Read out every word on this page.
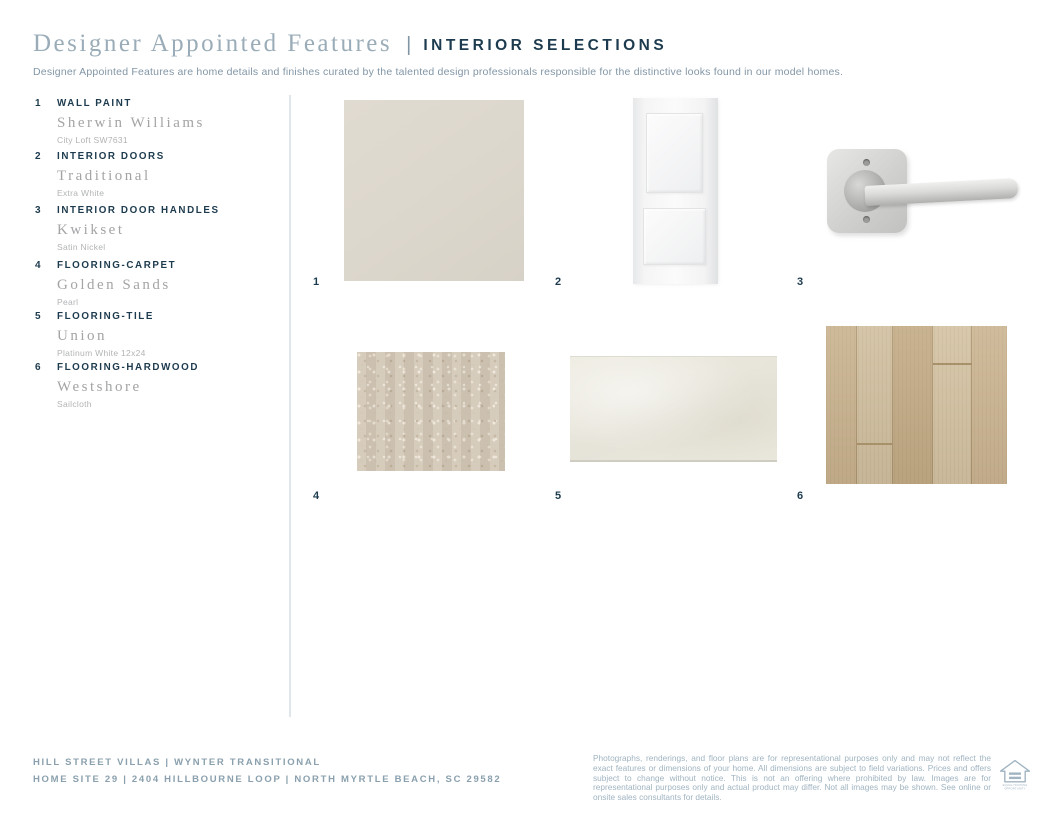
Designer Appointed Features | INTERIOR SELECTIONS
Designer Appointed Features are home details and finishes curated by the talented design professionals responsible for the distinctive looks found in our model homes.
1 WALL PAINT
Sherwin Williams
City Loft SW7631
2 INTERIOR DOORS
Traditional
Extra White
3 INTERIOR DOOR HANDLES
Kwikset
Satin Nickel
4 FLOORING-CARPET
Golden Sands
Pearl
5 FLOORING-TILE
Union
Platinum White 12x24
6 FLOORING-HARDWOOD
Westshore
Sailcloth
1	2	3
4	5	6
HILL STREET VILLAS | WYNTER TRANSITIONAL
HOME SITE 29 | 2404 HILLBOURNE LOOP | NORTH MYRTLE BEACH, SC 29582
Photographs, renderings, and floor plans are for representational purposes only and may not reflect the exact features or dimensions of your home. All dimensions are subject to field variations. Prices and offers subject to change without notice. This is not an offering where prohibited by law. Images are for representational purposes only and actual product may differ. Not all images may be shown. See online or onsite sales consultants for details.
EQUAL HOUSING
OPPORTUNITY
